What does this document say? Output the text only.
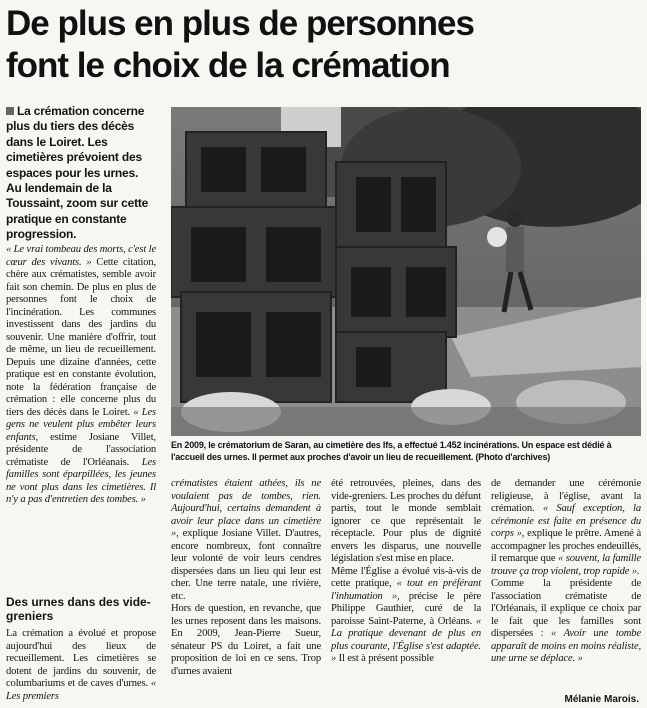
De plus en plus de personnes
font le choix de la crémation

La crémation concerne plus du tiers des décès dans le Loiret. Les cimetières prévoient des espaces pour les urnes. Au lendemain de la Toussaint, zoom sur cette pratique en constante progression.

En 2009, le crématorium de Saran, au cimetière des Ifs, a effectué 1.452 incinérations. Un espace est dédié à l'accueil des urnes. Il permet aux proches d'avoir un lieu de recueillement. (Photo d'archives)

« Le vrai tombeau des morts, c'est le cœur des vivants. » Cette citation, chère aux crématistes, semble avoir fait son chemin. De plus en plus de personnes font le choix de l'incinération. Les communes investissent dans des jardins du souvenir. Une manière d'offrir, tout de même, un lieu de recueillement. Depuis une dizaine d'années, cette pratique est en constante évolution, note la fédération française de crémation : elle concerne plus du tiers des décès dans le Loiret. « Les gens ne veulent plus embêter leurs enfants, estime Josiane Villet, présidente de l'association crématiste de l'Orléanais. Les familles sont éparpillées, les jeunes ne vont plus dans les cimetières. Il n'y a pas d'entretien des tombes. »

Des urnes dans des vide-greniers

La crémation a évolué et propose aujourd'hui des lieux de recueillement. Les cimetières se dotent de jardins du souvenir, de columbariums et de caves d'urnes. « Les premiers

crématistes étaient athées, ils ne voulaient pas de tombes, rien. Aujourd'hui, certains demandent à avoir leur place dans un cimetière », explique Josiane Villet. D'autres, encore nombreux, font connaître leur volonté de voir leurs cendres dispersées dans un lieu qui leur est cher. Une terre natale, une rivière, etc.

Hors de question, en revanche, que les urnes reposent dans les maisons. En 2009, Jean-Pierre Sueur, sénateur PS du Loiret, a fait une proposition de loi en ce sens. Trop d'urnes avaient

été retrouvées, pleines, dans des vide-greniers. Les proches du défunt partis, tout le monde semblait ignorer ce que représentait le réceptacle. Pour plus de dignité envers les disparus, une nouvelle législation s'est mise en place.

Même l'Église a évolué vis-à-vis de cette pratique, « tout en préférant l'inhumation », précise le père Philippe Gauthier, curé de la paroisse Saint-Paterne, à Orléans. « La pratique devenant de plus en plus courante, l'Église s'est adaptée. » Il est à présent possible

de demander une cérémonie religieuse, à l'église, avant la crémation. « Sauf exception, la cérémonie est faite en présence du corps », explique le prêtre. Amené à accompagner les proches endeuillés, il remarque que « souvent, la famille trouve ça trop violent, trop rapide ».

Comme la présidente de l'association crématiste de l'Orléanais, il explique ce choix par le fait que les familles sont dispersées : « Avoir une tombe apparaît de moins en moins réaliste, une urne se déplace. »

Mélanie Marois.
